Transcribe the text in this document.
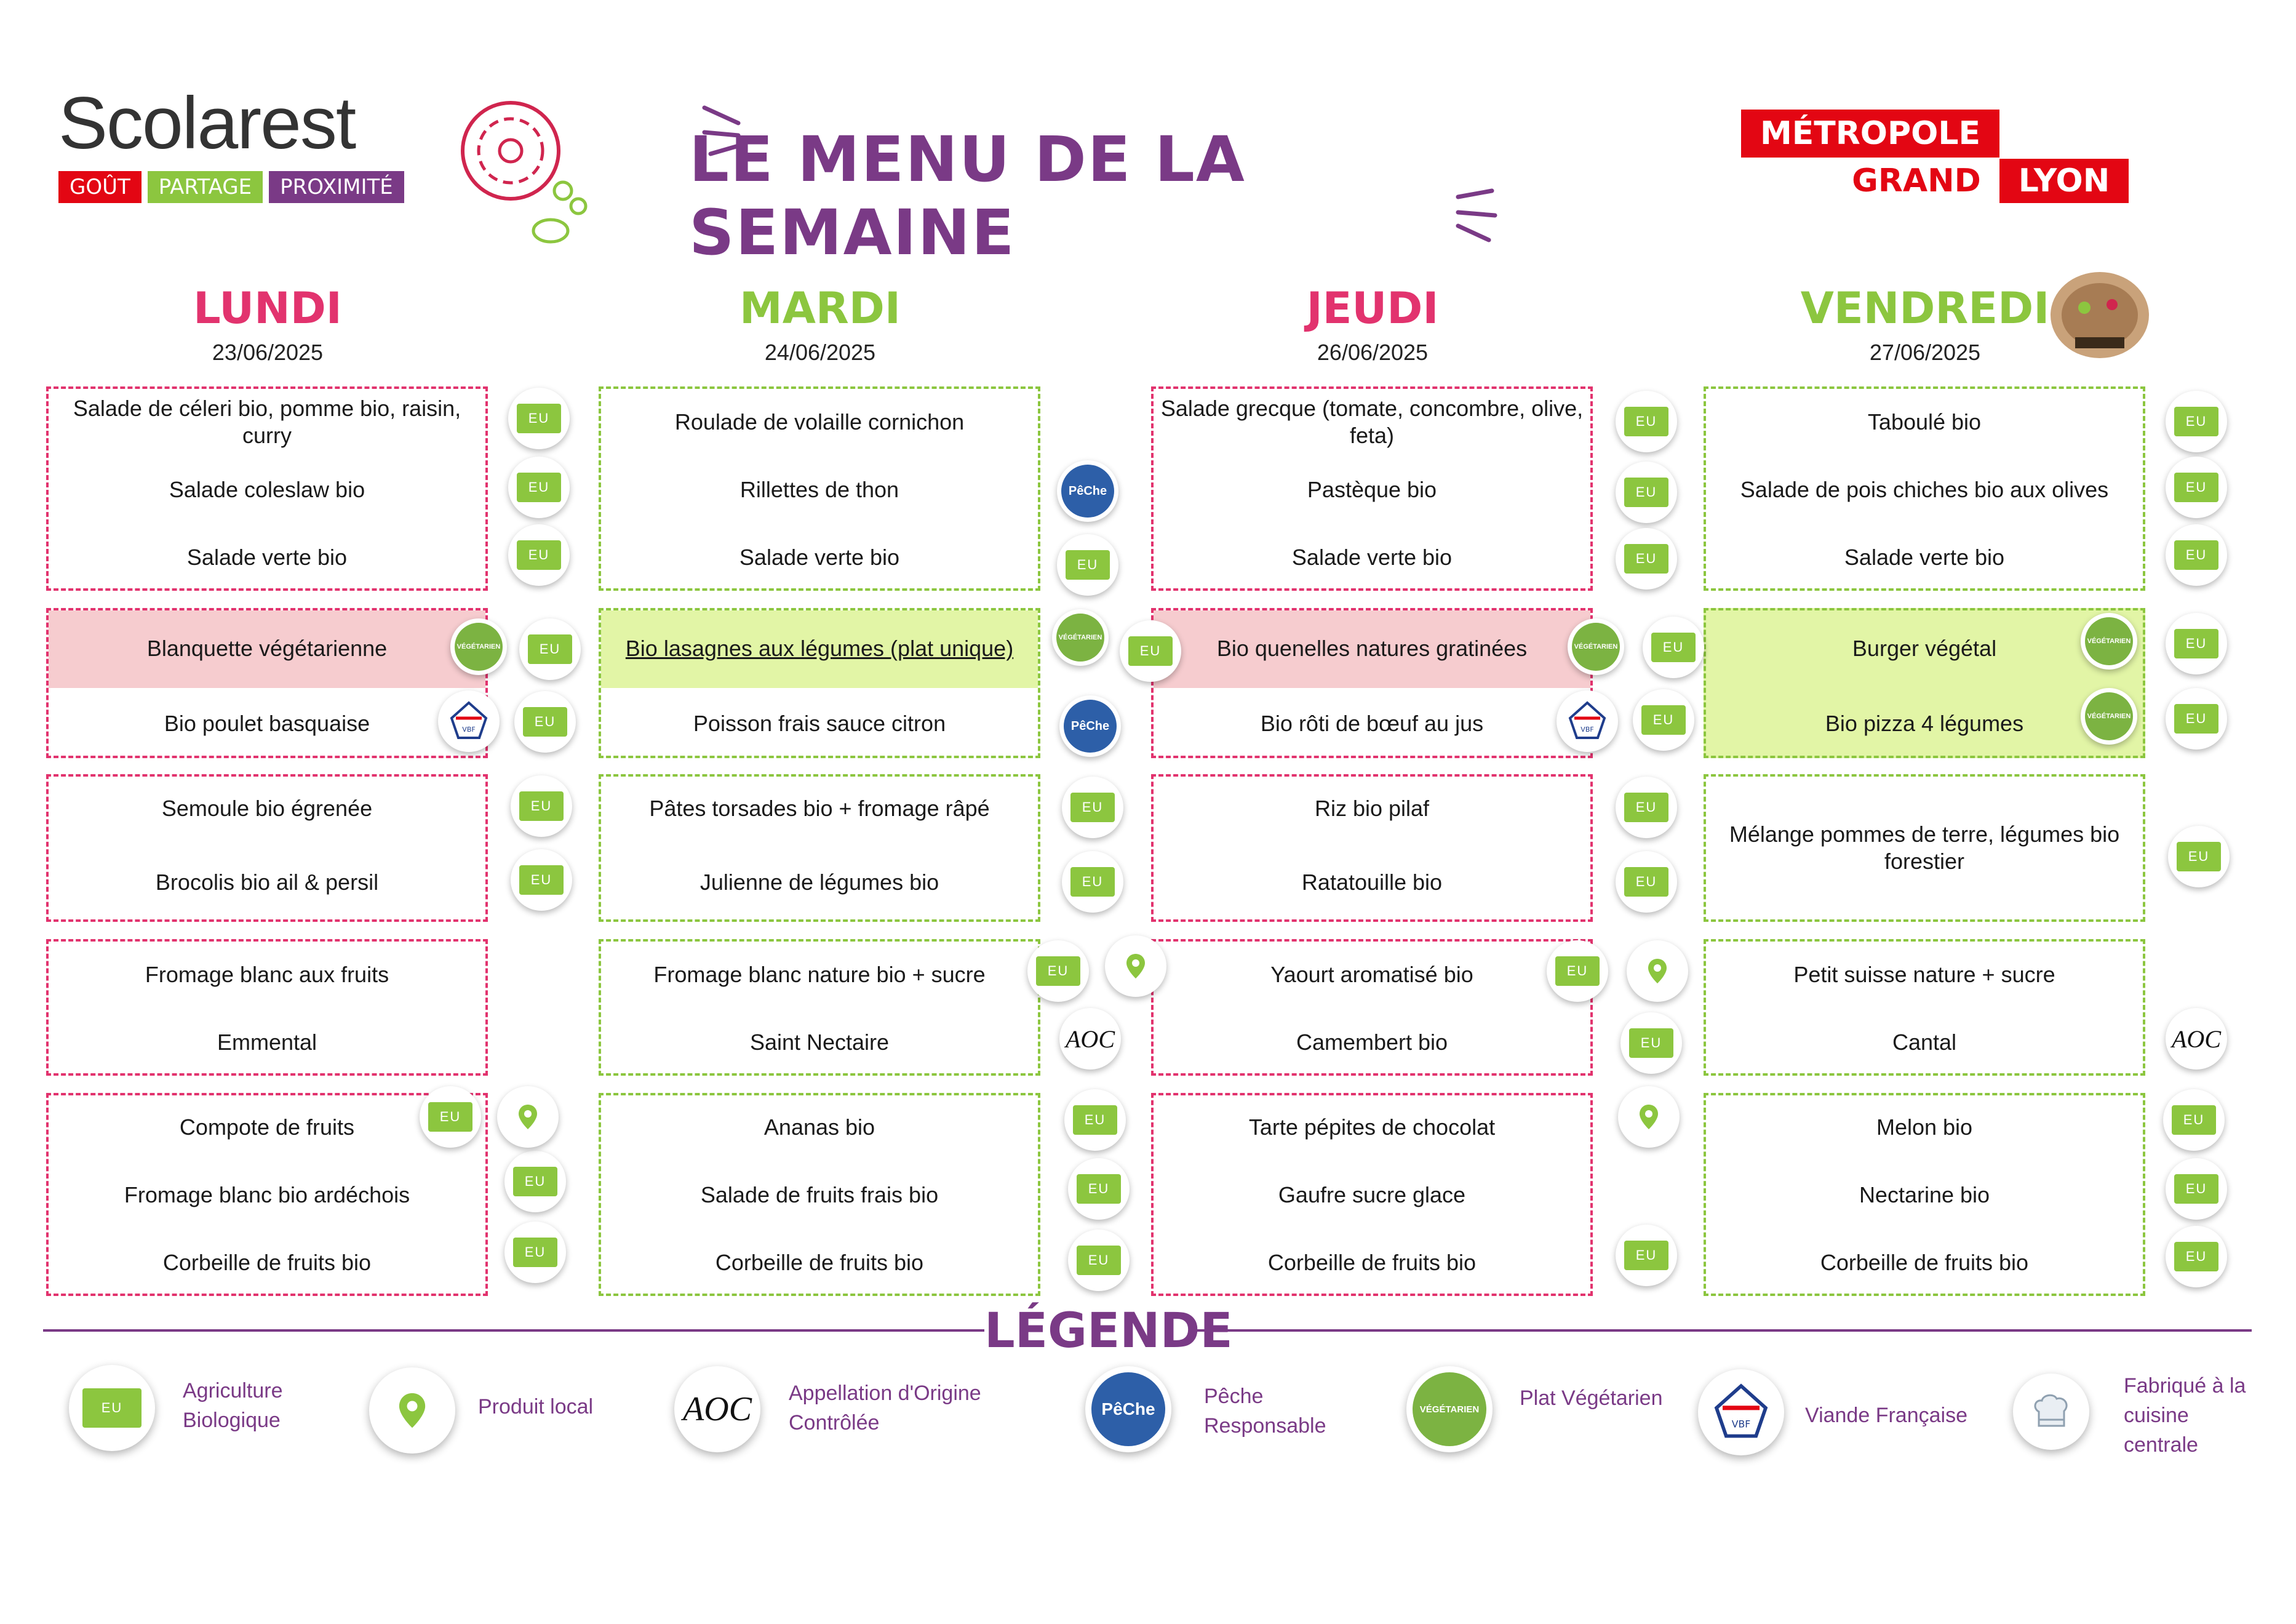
Scolarest
GOÛT	PARTAGE	PROXIMITÉ	LE MENU DE LA SEMAINE
MÉTROPOLE
GRAND	LYON
LUNDI
23/06/2025
MARDI
24/06/2025
JEUDI
26/06/2025
VENDREDI
27/06/2025
Salade de céleri bio, pomme bio, raisin, curry
Salade coleslaw bio
Salade verte bio
Blanquette végétarienne
Bio poulet basquaise
Semoule bio égrenée
Brocolis bio ail & persil
Fromage blanc aux fruits
Emmental
Compote de fruits
Fromage blanc bio ardéchois
Corbeille de fruits bio
Roulade de volaille cornichon
Rillettes de thon
Salade verte bio
Bio lasagnes aux légumes (plat unique)
Poisson frais sauce citron
Pâtes torsades bio + fromage râpé
Julienne de légumes bio
Fromage blanc nature bio + sucre
Saint Nectaire
Ananas bio
Salade de fruits frais bio
Corbeille de fruits bio
Salade grecque (tomate, concombre, olive, feta)
Pastèque bio
Salade verte bio
Bio quenelles natures gratinées
Bio rôti de bœuf au jus
Riz bio pilaf
Ratatouille bio
Yaourt aromatisé bio
Camembert bio
Tarte pépites de chocolat
Gaufre sucre glace
Corbeille de fruits bio
Taboulé bio
Salade de pois chiches bio aux olives
Salade verte bio
Burger végétal
Bio pizza 4 légumes
Mélange pommes de terre, légumes bio forestier
Petit suisse nature + sucre
Cantal
Melon bio
Nectarine bio
Corbeille de fruits bio
EU
EU
EU
EU
EU
EU
EU
EU
EU
EU
EU
EU
EU
EU
EU
EU
EU
EU
EU
EU
EU
EU
EU
EU
EU
EU
EU
EU
EU
EU
EU
EU
EU
EU
EU
EU
EU
VÉGÉTARIEN
VÉGÉTARIEN
VÉGÉTARIEN
VÉGÉTARIEN
VÉGÉTARIEN
PêChe
PêChe
VBF	VBF
AOC	AOC
LÉGENDE
EU
Agriculture Biologique
Produit local	AOC Appellation d'Origine Contrôlée
PêChe
Pêche Responsable
VÉGÉTARIEN	Plat Végétarien
VBF	Viande Française
Fabriqué à la cuisine centrale
